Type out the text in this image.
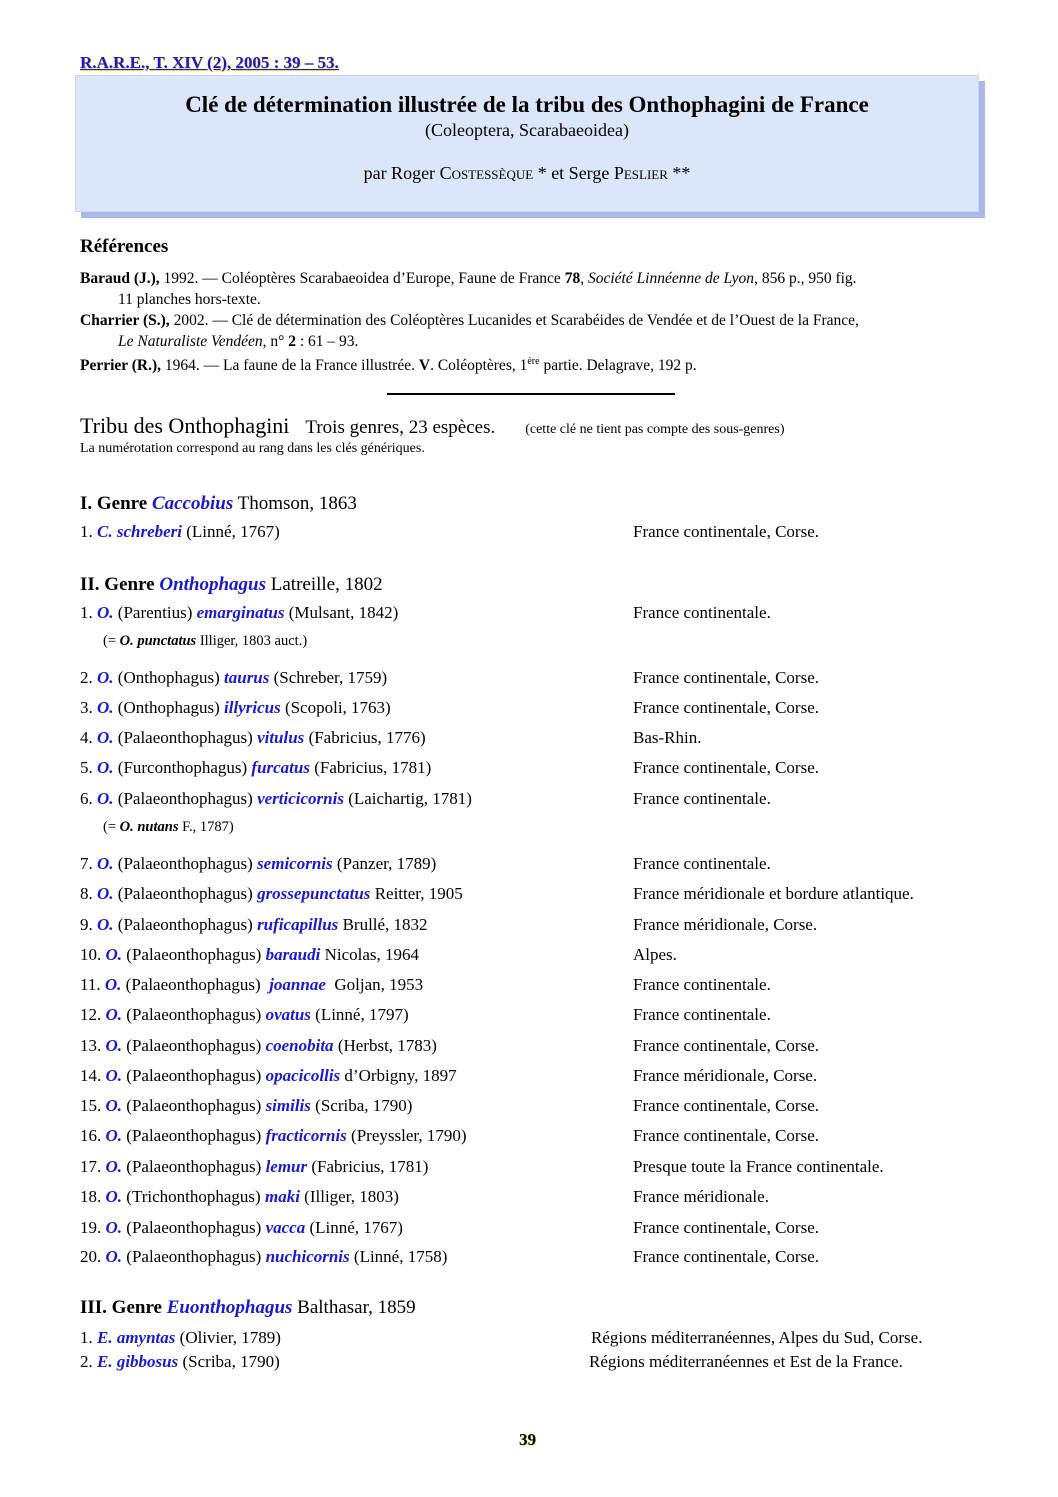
R.A.R.E., T. XIV (2), 2005 : 39 – 53.
Clé de détermination illustrée de la tribu des Onthophagini de France
(Coleoptera, Scarabaeoidea)
par Roger Costessèque * et Serge Peslier **
Références
Baraud (J.), 1992. — Coléoptères Scarabaeoidea d’Europe, Faune de France 78, Société Linnéenne de Lyon, 856 p., 950 fig.
11 planches hors-texte.
Charrier (S.), 2002. — Clé de détermination des Coléoptères Lucanides et Scarabéides de Vendée et de l’Ouest de la France,
Le Naturaliste Vendéen, n° 2 : 61 – 93.
Perrier (R.), 1964. — La faune de la France illustrée. V. Coléoptères, 1ère partie. Delagrave, 192 p.
Tribu des Onthophagini Trois genres, 23 espèces. (cette clé ne tient pas compte des sous-genres)
La numérotation correspond au rang dans les clés génériques.
I. Genre Caccobius Thomson, 1863
1. C. schreberi (Linné, 1767)	France continentale, Corse.
II. Genre Onthophagus Latreille, 1802
1. O. (Parentius) emarginatus (Mulsant, 1842)	France continentale.
(= O. punctatus Illiger, 1803 auct.)
2. O. (Onthophagus) taurus (Schreber, 1759)	France continentale, Corse.
3. O. (Onthophagus) illyricus (Scopoli, 1763)	France continentale, Corse.
4. O. (Palaeonthophagus) vitulus (Fabricius, 1776)	Bas-Rhin.
5. O. (Furconthophagus) furcatus (Fabricius, 1781)	France continentale, Corse.
6. O. (Palaeonthophagus) verticicornis (Laichartig, 1781)	France continentale.
(= O. nutans F., 1787)
7. O. (Palaeonthophagus) semicornis (Panzer, 1789)	France continentale.
8. O. (Palaeonthophagus) grossepunctatus Reitter, 1905	France méridionale et bordure atlantique.
9. O. (Palaeonthophagus) ruficapillus Brullé, 1832	France méridionale, Corse.
10. O. (Palaeonthophagus) baraudi Nicolas, 1964	Alpes.
11. O. (Palaeonthophagus)  joannae  Goljan, 1953	France continentale.
12. O. (Palaeonthophagus) ovatus (Linné, 1797)	France continentale.
13. O. (Palaeonthophagus) coenobita (Herbst, 1783)	France continentale, Corse.
14. O. (Palaeonthophagus) opacicollis d’Orbigny, 1897	France méridionale, Corse.
15. O. (Palaeonthophagus) similis (Scriba, 1790)	France continentale, Corse.
16. O. (Palaeonthophagus) fracticornis (Preyssler, 1790)	France continentale, Corse.
17. O. (Palaeonthophagus) lemur (Fabricius, 1781)	Presque toute la France continentale.
18. O. (Trichonthophagus) maki (Illiger, 1803)	France méridionale.
19. O. (Palaeonthophagus) vacca (Linné, 1767)	France continentale, Corse.
20. O. (Palaeonthophagus) nuchicornis (Linné, 1758)	France continentale, Corse.
III. Genre Euonthophagus Balthasar, 1859
1. E. amyntas (Olivier, 1789)	Régions méditerranéennes, Alpes du Sud, Corse.
2. E. gibbosus (Scriba, 1790)	Régions méditerranéennes et Est de la France.
39
